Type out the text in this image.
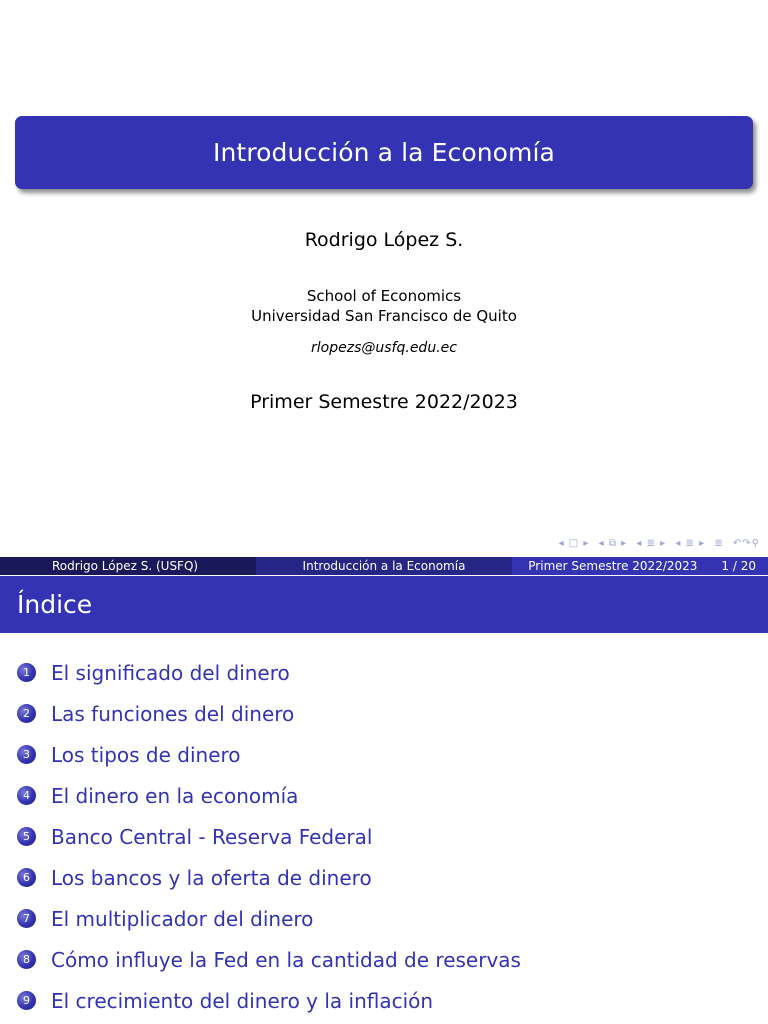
Introducción a la Economía
Rodrigo López S.
School of Economics
Universidad San Francisco de Quito
rlopezs@usfq.edu.ec
Primer Semestre 2022/2023
◂ □ ▸ ◂ ⧉ ▸ ◂ ≣ ▸ ◂ ≣ ▸ ≣ ↶↷⚲
Rodrigo López S. (USFQ)	Introducción a la Economía	Primer Semestre 2022/2023 1 / 20
Índice
1	El significado del dinero
2	Las funciones del dinero
3	Los tipos de dinero
4	El dinero en la economía
5	Banco Central - Reserva Federal
6	Los bancos y la oferta de dinero
7	El multiplicador del dinero
8	Cómo influye la Fed en la cantidad de reservas
9	El crecimiento del dinero y la inflación
